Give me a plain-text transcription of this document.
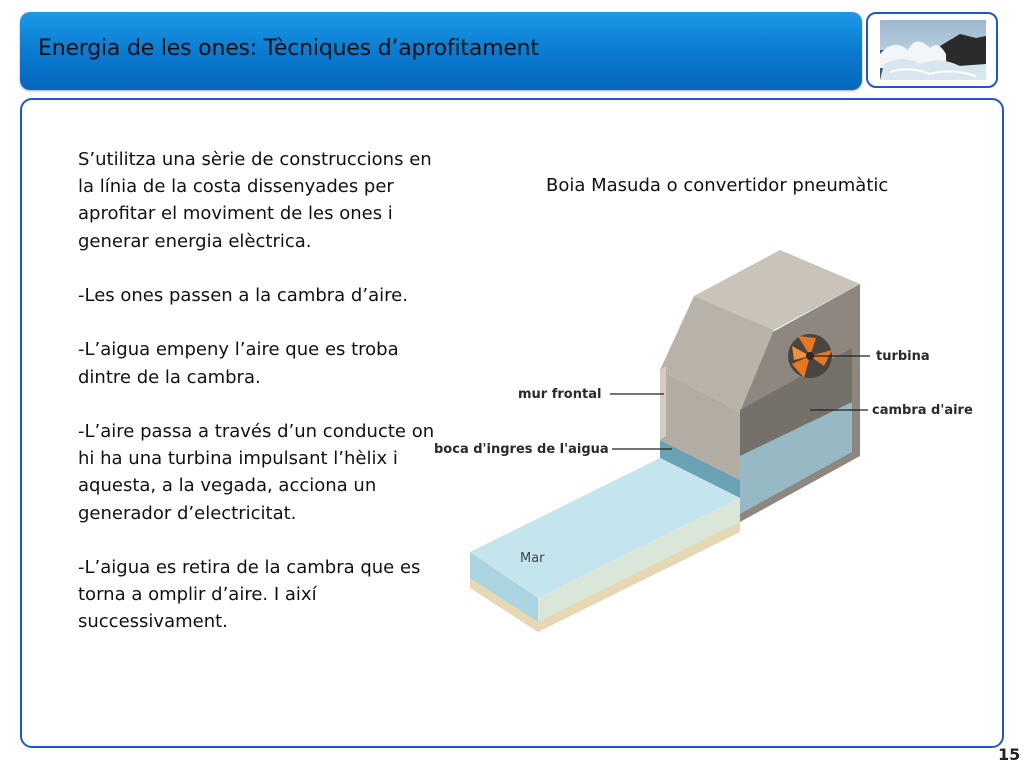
Energia de les ones: Tècniques d’aprofitament

S’utilitza una sèrie de construccions en la línia de la costa dissenyades per aprofitar el moviment de les ones i generar energia elèctrica.

-Les ones passen a la cambra d’aire.

-L’aigua empeny l’aire que es troba dintre de la cambra.

-L’aire passa a través d’un conducte on hi ha una turbina impulsant l’hèlix i aquesta, a la vegada, acciona un generador d’electricitat.

-L’aigua es retira de la cambra que es torna a omplir d’aire. I així successivament.

Boia Masuda o convertidor pneumàtic
turbina
mur frontal
cambra d'aire
boca d'ingres de l'aigua
Mar
15
